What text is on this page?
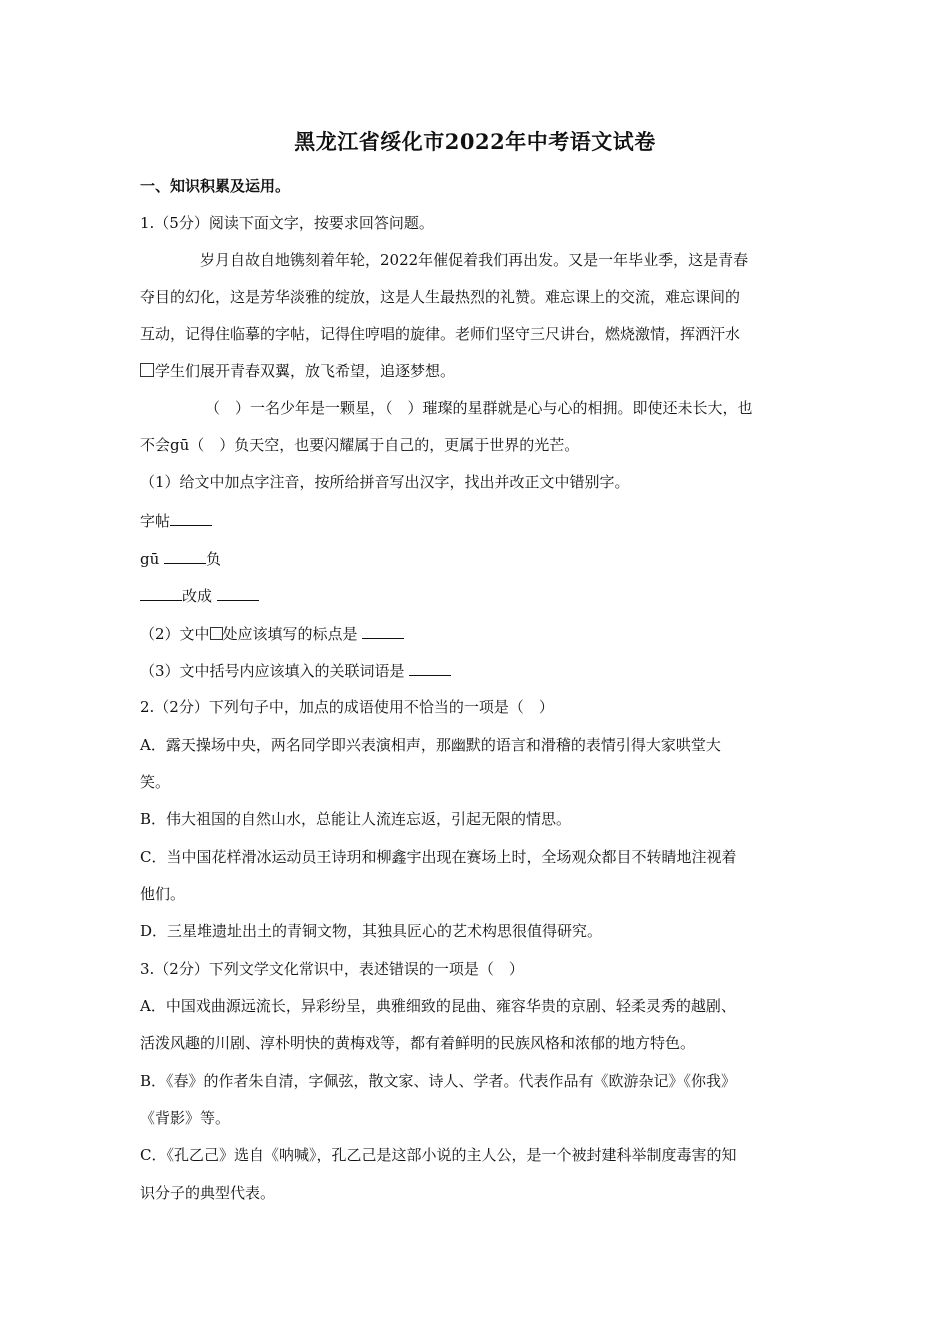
黑龙江省绥化市2022年中考语文试卷
一、知识积累及运用。
1.（5分）阅读下面文字，按要求回答问题。
岁月自故自地镌刻着年轮，2022年催促着我们再出发。又是一年毕业季，这是青春
夺目的幻化，这是芳华淡雅的绽放，这是人生最热烈的礼赞。难忘课上的交流，难忘课间的
互动，记得住临摹的字帖，记得住哼唱的旋律。老师们坚守三尺讲台，燃烧激情，挥洒汗水
学生们展开青春双翼，放飞希望，追逐梦想。
（　）一名少年是一颗星，（　）璀璨的星群就是心与心的相拥。即使还未长大，也
不会gū（　）负天空，也要闪耀属于自己的，更属于世界的光芒。
（1）给文中加点字注音，按所给拼音写出汉字，找出并改正文中错别字。
字帖
gū	负
改成
（2）文中 处应该填写的标点是
（3）文中括号内应该填入的关联词语是
2.（2分）下列句子中，加点的成语使用不恰当的一项是（　）
A．露天操场中央，两名同学即兴表演相声，那幽默的语言和滑稽的表情引得大家哄堂大
笑。
B．伟大祖国的自然山水，总能让人流连忘返，引起无限的情思。
C．当中国花样滑冰运动员王诗玥和柳鑫宇出现在赛场上时，全场观众都目不转睛地注视着
他们。
D．三星堆遗址出土的青铜文物，其独具匠心的艺术构思很值得研究。
3.（2分）下列文学文化常识中，表述错误的一项是（　）
A．中国戏曲源远流长，异彩纷呈，典雅细致的昆曲、雍容华贵的京剧、轻柔灵秀的越剧、
活泼风趣的川剧、淳朴明快的黄梅戏等，都有着鲜明的民族风格和浓郁的地方特色。
B．《春》的作者朱自清，字佩弦，散文家、诗人、学者。代表作品有《欧游杂记》《你我》
《背影》等。
C．《孔乙己》选自《呐喊》，孔乙己是这部小说的主人公，是一个被封建科举制度毒害的知
识分子的典型代表。
